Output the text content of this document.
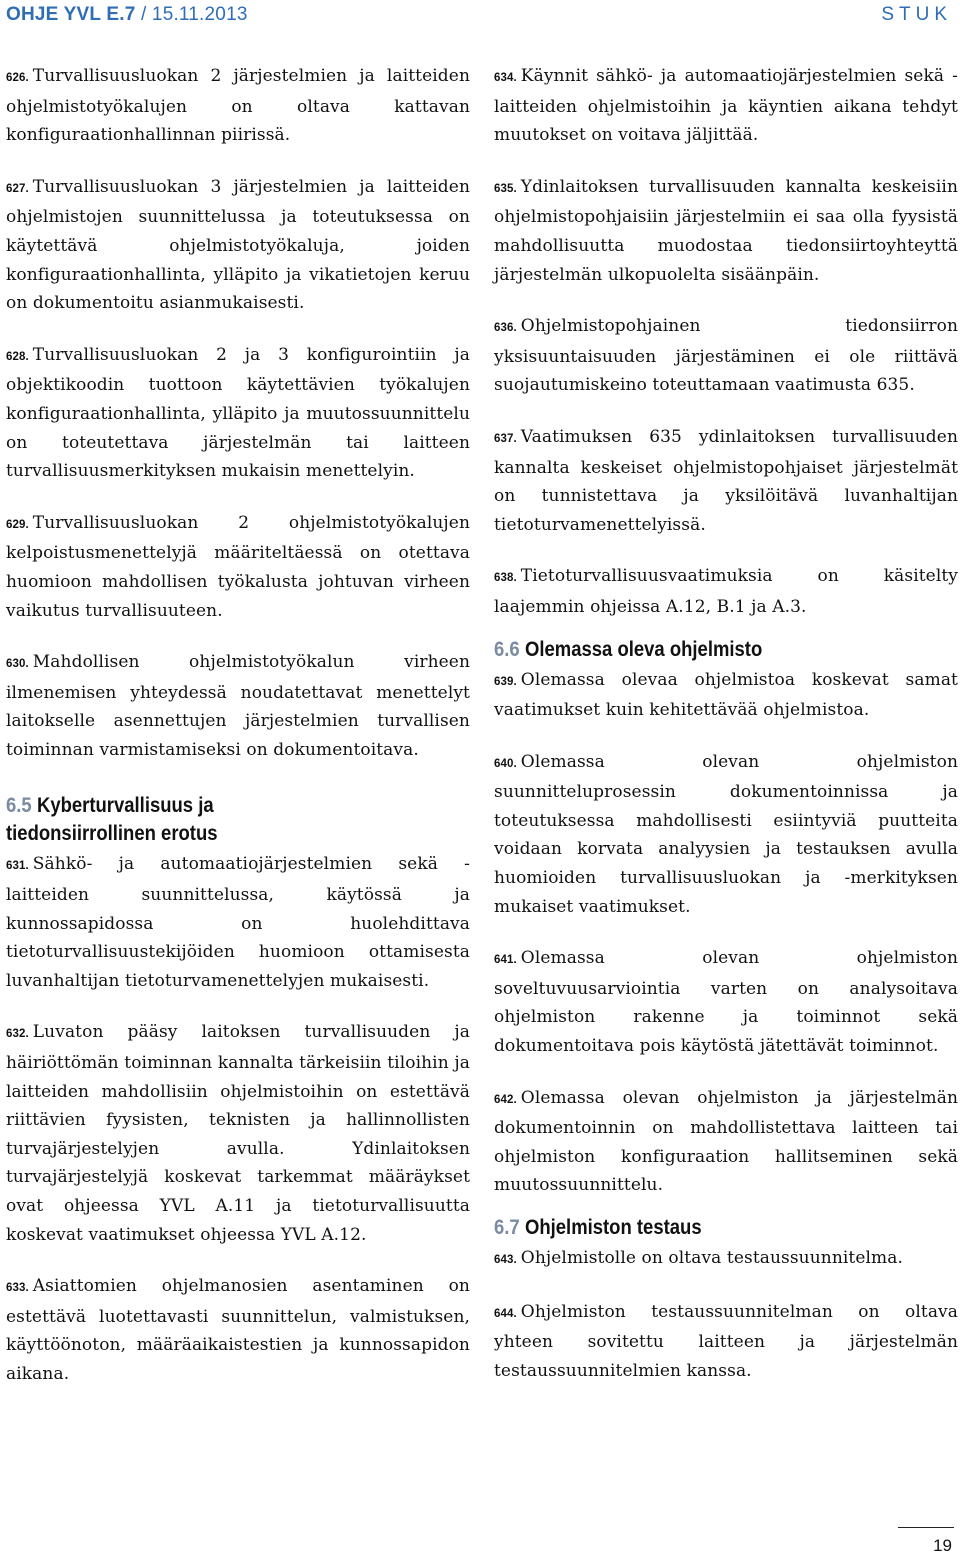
OHJE YVL E.7 / 15.11.2013	STUK

626. Turvallisuusluokan 2 järjestelmien ja laitteiden ohjelmistotyökalujen on oltava kattavan konfiguraationhallinnan piirissä.

627. Turvallisuusluokan 3 järjestelmien ja laitteiden ohjelmistojen suunnittelussa ja toteutuksessa on käytettävä ohjelmistotyökaluja, joiden konfiguraationhallinta, ylläpito ja vikatietojen keruu on dokumentoitu asianmukaisesti.

628. Turvallisuusluokan 2 ja 3 konfigurointiin ja objektikoodin tuottoon käytettävien työkalujen konfiguraationhallinta, ylläpito ja muutossuunnittelu on toteutettava järjestelmän tai laitteen turvallisuusmerkityksen mukaisin menettelyin.

629. Turvallisuusluokan 2 ohjelmistotyökalujen kelpoistusmenettelyjä määriteltäessä on otettava huomioon mahdollisen työkalusta johtuvan virheen vaikutus turvallisuuteen.

630. Mahdollisen ohjelmistotyökalun virheen ilmenemisen yhteydessä noudatettavat menettelyt laitokselle asennettujen järjestelmien turvallisen toiminnan varmistamiseksi on dokumentoitava.

6.5 Kyberturvallisuus ja
tiedonsiirrollinen erotus

631. Sähkö- ja automaatiojärjestelmien sekä -laitteiden suunnittelussa, käytössä ja kunnossapidossa on huolehdittava tietoturvallisuustekijöiden huomioon ottamisesta luvanhaltijan tietoturvamenettelyjen mukaisesti.

632. Luvaton pääsy laitoksen turvallisuuden ja häiriöttömän toiminnan kannalta tärkeisiin tiloihin ja laitteiden mahdollisiin ohjelmistoihin on estettävä riittävien fyysisten, teknisten ja hallinnollisten turvajärjestelyjen avulla. Ydinlaitoksen turvajärjestelyjä koskevat tarkemmat määräykset ovat ohjeessa YVL A.11 ja tietoturvallisuutta koskevat vaatimukset ohjeessa YVL A.12.

633. Asiattomien ohjelmanosien asentaminen on estettävä luotettavasti suunnittelun, valmistuksen, käyttöönoton, määräaikaistestien ja kunnossapidon aikana.

634. Käynnit sähkö- ja automaatiojärjestelmien sekä -laitteiden ohjelmistoihin ja käyntien aikana tehdyt muutokset on voitava jäljittää.

635. Ydinlaitoksen turvallisuuden kannalta keskeisiin ohjelmistopohjaisiin järjestelmiin ei saa olla fyysistä mahdollisuutta muodostaa tiedonsiirtoyhteyttä järjestelmän ulkopuolelta sisäänpäin.

636. Ohjelmistopohjainen tiedonsiirron yksisuuntaisuuden järjestäminen ei ole riittävä suojautumiskeino toteuttamaan vaatimusta 635.

637. Vaatimuksen 635 ydinlaitoksen turvallisuuden kannalta keskeiset ohjelmistopohjaiset järjestelmät on tunnistettava ja yksilöitävä luvanhaltijan tietoturvamenettelyissä.

638. Tietoturvallisuusvaatimuksia on käsitelty laajemmin ohjeissa A.12, B.1 ja A.3.

6.6 Olemassa oleva ohjelmisto

639. Olemassa olevaa ohjelmistoa koskevat samat vaatimukset kuin kehitettävää ohjelmistoa.

640. Olemassa olevan ohjelmiston suunnitteluprosessin dokumentoinnissa ja toteutuksessa mahdollisesti esiintyviä puutteita voidaan korvata analyysien ja testauksen avulla huomioiden turvallisuusluokan ja -merkityksen mukaiset vaatimukset.

641. Olemassa olevan ohjelmiston soveltuvuusarviointia varten on analysoitava ohjelmiston rakenne ja toiminnot sekä dokumentoitava pois käytöstä jätettävät toiminnot.

642. Olemassa olevan ohjelmiston ja järjestelmän dokumentoinnin on mahdollistettava laitteen tai ohjelmiston konfiguraation hallitseminen sekä muutossuunnittelu.

6.7 Ohjelmiston testaus

643. Ohjelmistolle on oltava testaussuunnitelma.

644. Ohjelmiston testaussuunnitelman on oltava yhteen sovitettu laitteen ja järjestelmän testaussuunnitelmien kanssa.

19
